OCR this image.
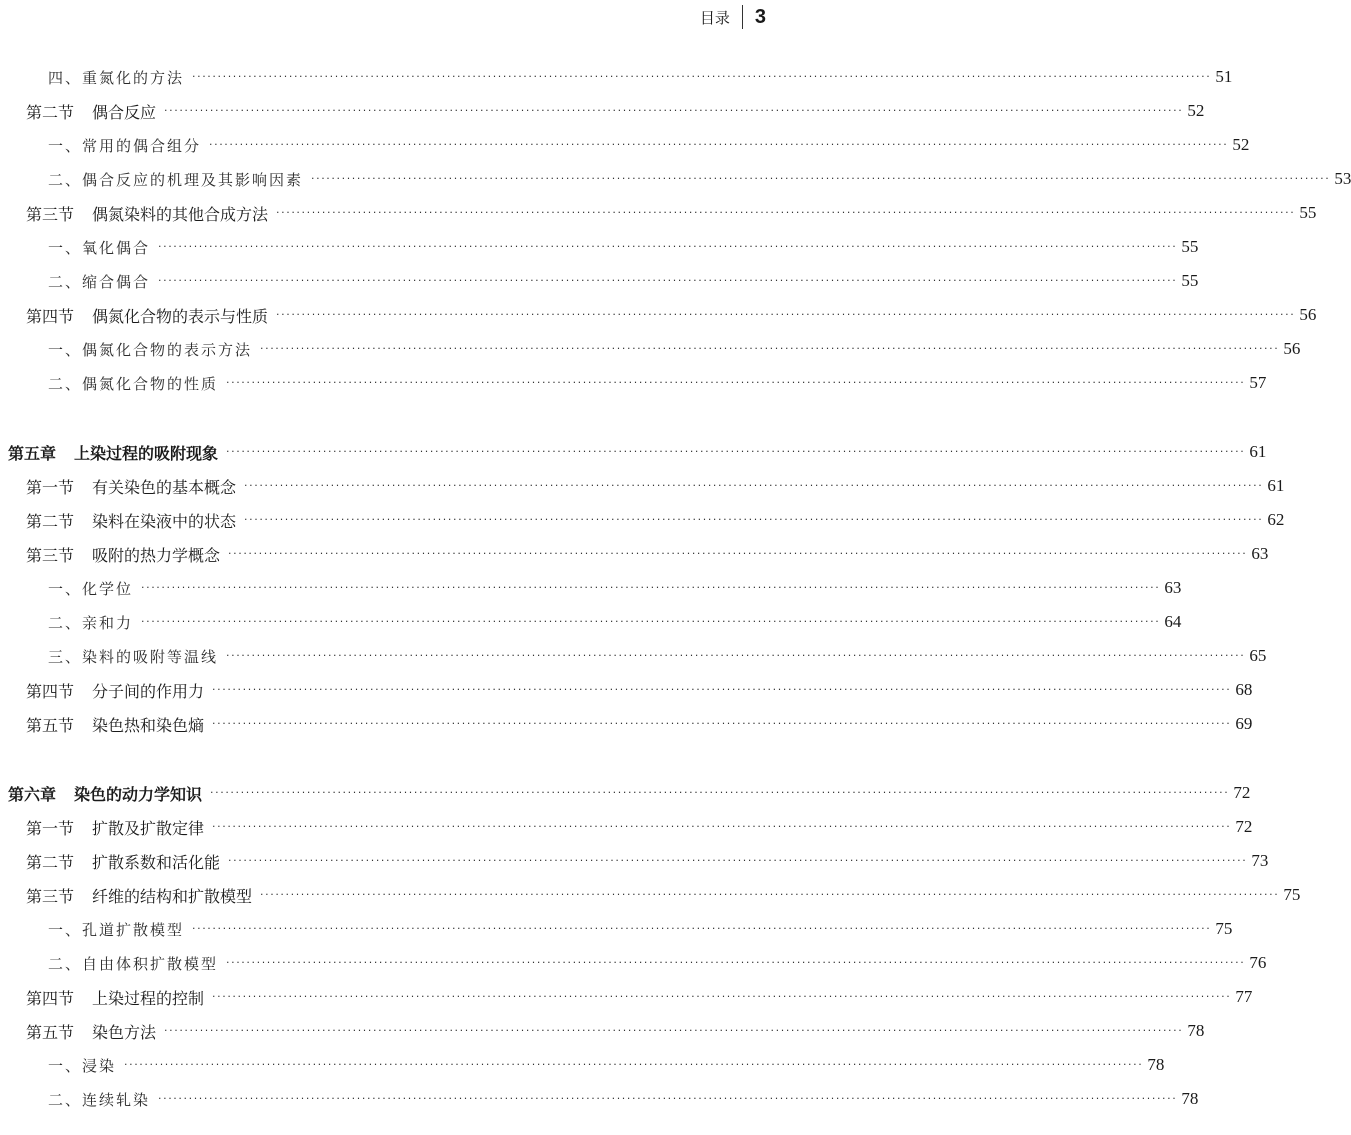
目录 3
四、重氮化的方法 ········································································································································································································ 51
第二节 偶合反应 ········································································································································································································ 52
一、常用的偶合组分 ········································································································································································································ 52
二、偶合反应的机理及其影响因素 ········································································································································································································ 53
第三节 偶氮染料的其他合成方法 ········································································································································································································ 55
一、氧化偶合 ········································································································································································································ 55
二、缩合偶合 ········································································································································································································ 55
第四节 偶氮化合物的表示与性质 ········································································································································································································ 56
一、偶氮化合物的表示方法 ········································································································································································································ 56
二、偶氮化合物的性质 ········································································································································································································ 57
第五章 上染过程的吸附现象 ········································································································································································································ 61
第一节 有关染色的基本概念 ········································································································································································································ 61
第二节 染料在染液中的状态 ········································································································································································································ 62
第三节 吸附的热力学概念 ········································································································································································································ 63
一、化学位 ········································································································································································································ 63
二、亲和力 ········································································································································································································ 64
三、染料的吸附等温线 ········································································································································································································ 65
第四节 分子间的作用力 ········································································································································································································ 68
第五节 染色热和染色熵 ········································································································································································································ 69
第六章 染色的动力学知识 ········································································································································································································ 72
第一节 扩散及扩散定律 ········································································································································································································ 72
第二节 扩散系数和活化能 ········································································································································································································ 73
第三节 纤维的结构和扩散模型 ········································································································································································································ 75
一、孔道扩散模型 ········································································································································································································ 75
二、自由体积扩散模型 ········································································································································································································ 76
第四节 上染过程的控制 ········································································································································································································ 77
第五节 染色方法 ········································································································································································································ 78
一、浸染 ········································································································································································································ 78
二、连续轧染 ········································································································································································································ 78
